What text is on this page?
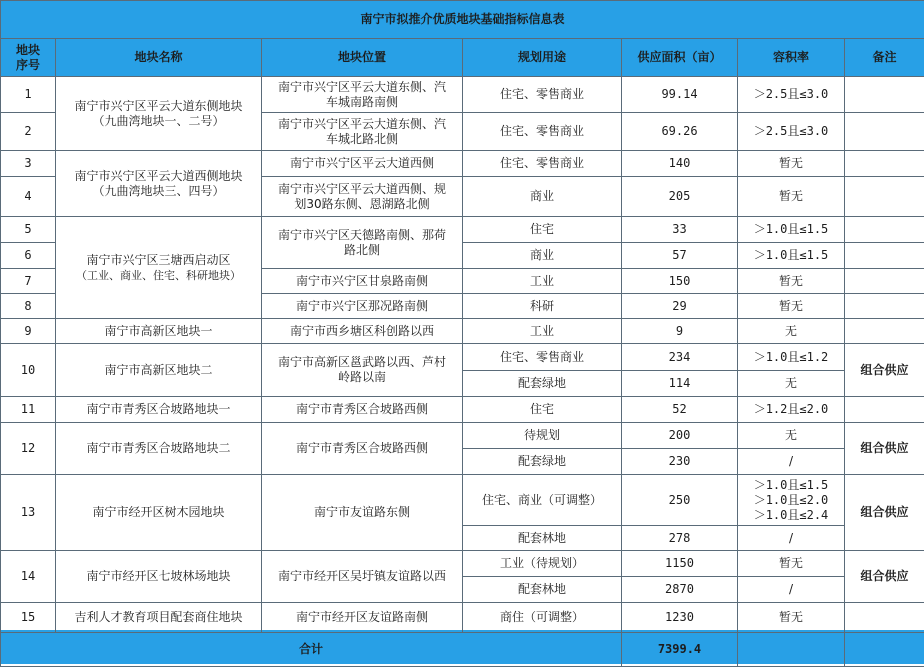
南宁市拟推介优质地块基础指标信息表						

地块
序号	地块名称	地块位置	规划用途	供应面积（亩）	容积率	备注
1	南宁市兴宁区平云大道东侧地块
（九曲湾地块一、二号）	南宁市兴宁区平云大道东侧、汽
车城南路南侧	住宅、零售商业	99.14	＞2.5且≤3.0	
2		南宁市兴宁区平云大道东侧、汽
车城北路北侧	住宅、零售商业	69.26	＞2.5且≤3.0	
3	南宁市兴宁区平云大道西侧地块
（九曲湾地块三、四号）	南宁市兴宁区平云大道西侧	住宅、零售商业	140	暂无	
4		南宁市兴宁区平云大道西侧、规
划30路东侧、恩湖路北侧	商业	205	暂无	
5	南宁市兴宁区三塘西启动区
（工业、商业、住宅、科研地块）	南宁市兴宁区天德路南侧、那荷
路北侧	住宅	33	＞1.0且≤1.5	
6			商业	57	＞1.0且≤1.5	
7		南宁市兴宁区甘泉路南侧	工业	150	暂无	
8		南宁市兴宁区那况路南侧	科研	29	暂无	
9	南宁市高新区地块一	南宁市西乡塘区科创路以西	工业	9	无	
10	南宁市高新区地块二	南宁市高新区邕武路以西、芦村
岭路以南	住宅、零售商业	234	＞1.0且≤1.2	组合供应
			配套绿地	114	无	
11	南宁市青秀区合坡路地块一	南宁市青秀区合坡路西侧	住宅	52	＞1.2且≤2.0	
12	南宁市青秀区合坡路地块二	南宁市青秀区合坡路西侧	待规划	200	无	组合供应
			配套绿地	230	/	
13	南宁市经开区树木园地块	南宁市友谊路东侧	住宅、商业（可调整）	250	＞1.0且≤1.5
＞1.0且≤2.0
＞1.0且≤2.4	组合供应
			配套林地	278	/	
14	南宁市经开区七坡林场地块	南宁市经开区吴圩镇友谊路以西	工业（待规划）	1150	暂无	组合供应
			配套林地	2870	/	
15	吉利人才教育项目配套商住地块	南宁市经开区友谊路南侧	商住（可调整）	1230	暂无	
合计				7399.4		
